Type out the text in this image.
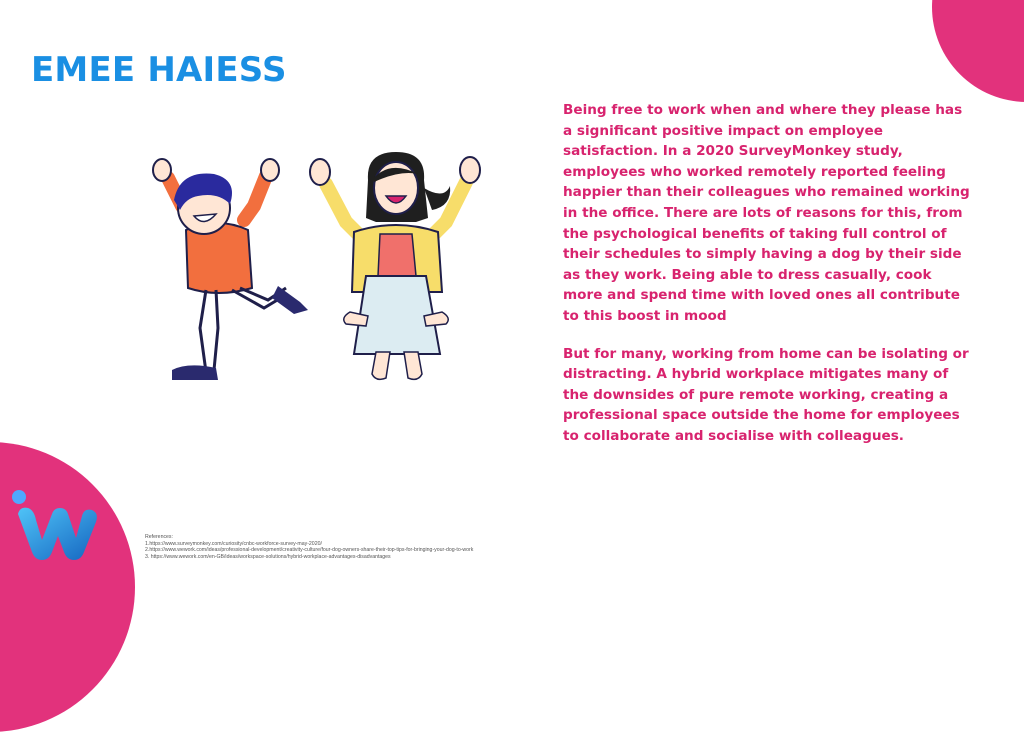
EMEE HAIESS

Being free to work when and where they please has a significant positive impact on employee satisfaction. In a 2020 SurveyMonkey study, employees who worked remotely reported feeling happier than their colleagues who remained working in the office. There are lots of reasons for this, from the psychological benefits of taking full control of their schedules to simply having a dog by their side as they work. Being able to dress casually, cook more and spend time with loved ones all contribute to this boost in mood

But for many, working from home can be isolating or distracting. A hybrid workplace mitigates many of the downsides of pure remote working, creating a professional space outside the home for employees to collaborate and socialise with colleagues.

References:
1.https://www.surveymonkey.com/curiosity/cnbc-workforce-survey-may-2020/
2.https://www.wework.com/ideas/professional-development/creativity-culture/four-dog-owners-share-their-top-tips-for-bringing-your-dog-to-work
3. https://www.wework.com/en-GB/ideas/workspace-solutions/hybrid-workplace-advantages-disadvantages
